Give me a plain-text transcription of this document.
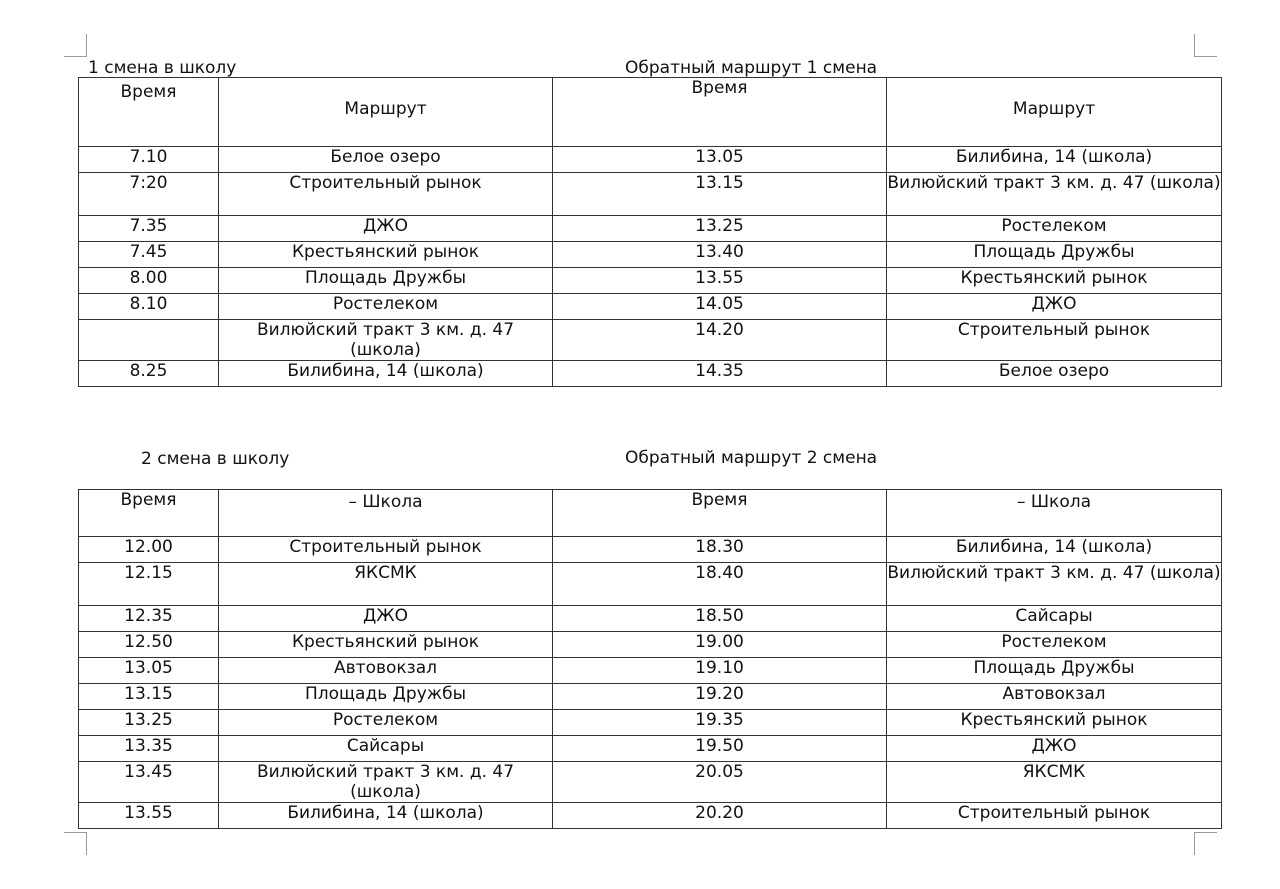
1 смена в школу	Обратный маршрут 1 смена
Время	Маршрут	Время	Маршрут
7.10	Белое озеро	13.05	Билибина, 14 (школа)
7:20	Строительный рынок	13.15	Вилюйский тракт 3 км. д. 47 (школа)
7.35	ДЖО	13.25	Ростелеком
7.45	Крестьянский рынок	13.40	Площадь Дружбы
8.00	Площадь Дружбы	13.55	Крестьянский рынок
8.10	Ростелеком	14.05	ДЖО
	Вилюйский тракт 3 км. д. 47 (школа)	14.20	Строительный рынок
8.25	Билибина, 14 (школа)	14.35	Белое озеро
2 смена в школу	Обратный маршрут 2 смена
Время	– Школа	Время	– Школа
12.00	Строительный рынок	18.30	Билибина, 14 (школа)
12.15	ЯКСМК	18.40	Вилюйский тракт 3 км. д. 47 (школа)
12.35	ДЖО	18.50	Сайсары
12.50	Крестьянский рынок	19.00	Ростелеком
13.05	Автовокзал	19.10	Площадь Дружбы
13.15	Площадь Дружбы	19.20	Автовокзал
13.25	Ростелеком	19.35	Крестьянский рынок
13.35	Сайсары	19.50	ДЖО
13.45	Вилюйский тракт 3 км. д. 47 (школа)	20.05	ЯКСМК
13.55	Билибина, 14 (школа)	20.20	Строительный рынок
